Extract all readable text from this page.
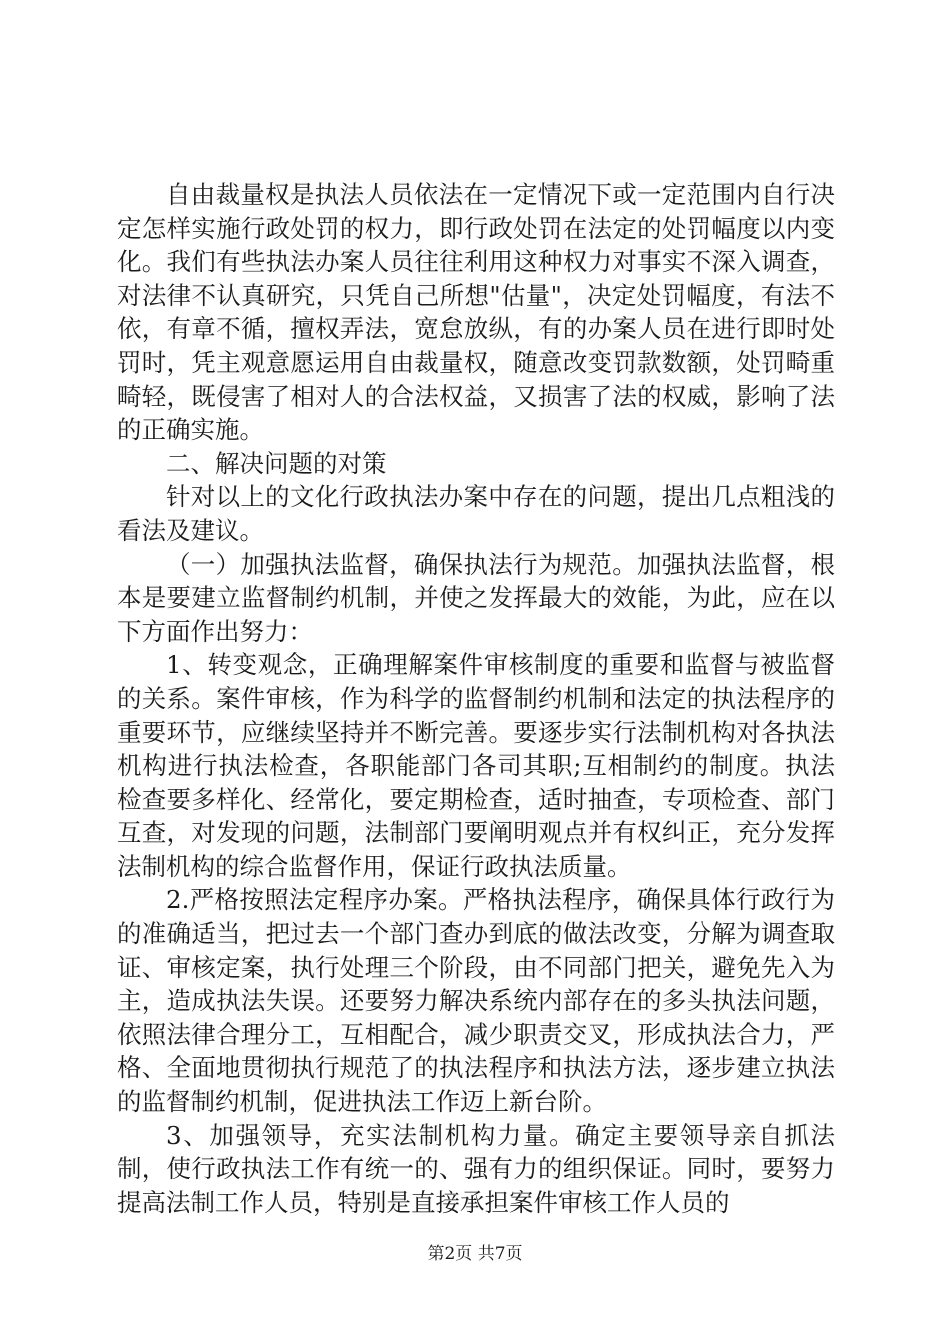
自由裁量权是执法人员依法在一定情况下或一定范围内自行决定怎样实施行政处罚的权力，即行政处罚在法定的处罚幅度以内变化。我们有些执法办案人员往往利用这种权力对事实不深入调查，对法律不认真研究，只凭自己所想"估量"，决定处罚幅度，有法不依，有章不循，擅权弄法，宽怠放纵，有的办案人员在进行即时处罚时，凭主观意愿运用自由裁量权，随意改变罚款数额，处罚畸重畸轻，既侵害了相对人的合法权益，又损害了法的权威，影响了法的正确实施。

二、解决问题的对策

针对以上的文化行政执法办案中存在的问题，提出几点粗浅的看法及建议。

（一）加强执法监督，确保执法行为规范。加强执法监督，根本是要建立监督制约机制，并使之发挥最大的效能，为此，应在以下方面作出努力：

1、转变观念，正确理解案件审核制度的重要和监督与被监督的关系。案件审核，作为科学的监督制约机制和法定的执法程序的重要环节，应继续坚持并不断完善。要逐步实行法制机构对各执法机构进行执法检查，各职能部门各司其职;互相制约的制度。执法检查要多样化、经常化，要定期检查，适时抽查，专项检查、部门互查，对发现的问题，法制部门要阐明观点并有权纠正，充分发挥法制机构的综合监督作用，保证行政执法质量。

2.严格按照法定程序办案。严格执法程序，确保具体行政行为的准确适当，把过去一个部门查办到底的做法改变，分解为调查取证、审核定案，执行处理三个阶段，由不同部门把关，避免先入为主，造成执法失误。还要努力解决系统内部存在的多头执法问题，依照法律合理分工，互相配合，减少职责交叉，形成执法合力，严格、全面地贯彻执行规范了的执法程序和执法方法，逐步建立执法的监督制约机制，促进执法工作迈上新台阶。

3、加强领导，充实法制机构力量。确定主要领导亲自抓法制，使行政执法工作有统一的、强有力的组织保证。同时，要努力提高法制工作人员，特别是直接承担案件审核工作人员的

第2页 共7页
